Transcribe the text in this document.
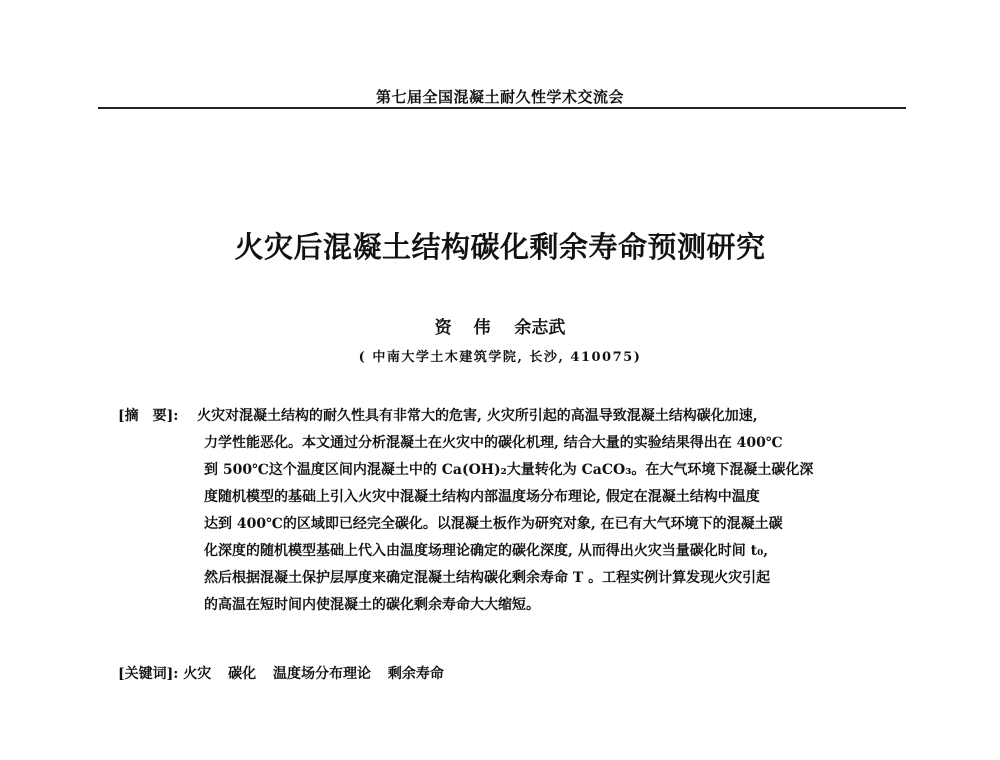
第七届全国混凝土耐久性学术交流会
火灾后混凝土结构碳化剩余寿命预测研究
资 伟 余志武
( 中南大学土木建筑学院, 长沙, 410075)
[摘　要]: 火灾对混凝土结构的耐久性具有非常大的危害, 火灾所引起的高温导致混凝土结构碳化加速,
力学性能恶化。本文通过分析混凝土在火灾中的碳化机理, 结合大量的实验结果得出在 400℃
到 500℃这个温度区间内混凝土中的 Ca(OH)₂大量转化为 CaCO₃。在大气环境下混凝土碳化深
度随机模型的基础上引入火灾中混凝土结构内部温度场分布理论, 假定在混凝土结构中温度
达到 400℃的区域即已经完全碳化。以混凝土板作为研究对象, 在已有大气环境下的混凝土碳
化深度的随机模型基础上代入由温度场理论确定的碳化深度, 从而得出火灾当量碳化时间 t₀,
然后根据混凝土保护层厚度来确定混凝土结构碳化剩余寿命 T 。工程实例计算发现火灾引起
的高温在短时间内使混凝土的碳化剩余寿命大大缩短。
[关键词]: 火灾 碳化 温度场分布理论 剩余寿命
